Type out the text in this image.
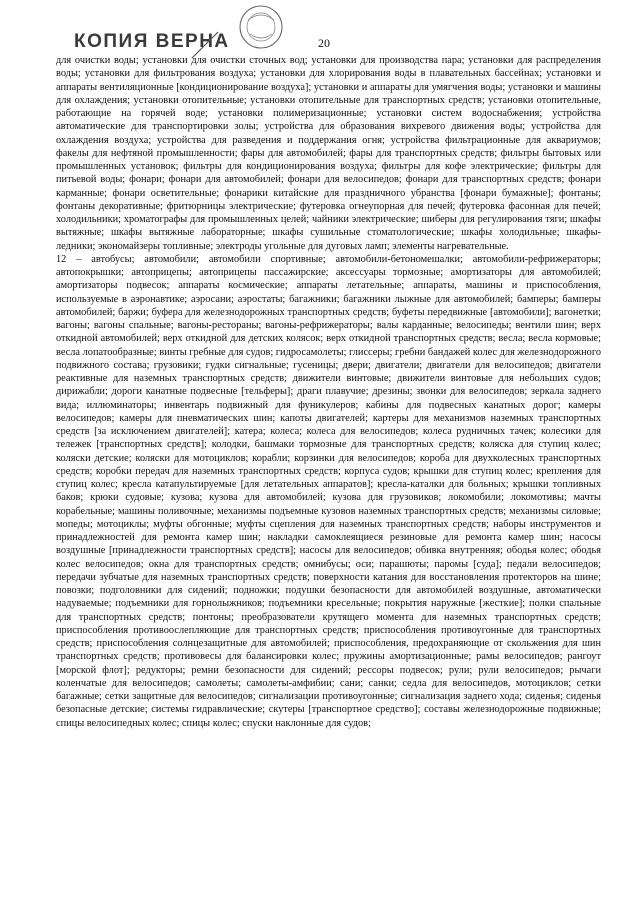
КОПИЯ ВЕРНА	20

для очистки воды; установки для очистки сточных вод; установки для производства пара; установки для распределения воды; установки для фильтрования воздуха; установки для хлорирования воды в плавательных бассейнах; установки и аппараты вентиляционные [кондиционирование воздуха]; установки и аппараты для умягчения воды; установки и машины для охлаждения; установки отопительные; установки отопительные для транспортных средств; установки отопительные, работающие на горячей воде; установки полимеризационные; установки систем водоснабжения; устройства автоматические для транспортировки золы; устройства для образования вихревого движения воды; устройства для охлаждения воздуха; устройства для разведения и поддержания огня; устройства фильтрационные для аквариумов; факелы для нефтяной промышленности; фары для автомобилей; фары для транспортных средств; фильтры бытовых или промышленных установок; фильтры для кондиционирования воздуха; фильтры для кофе электрические; фильтры для питьевой воды; фонари; фонари для автомобилей; фонари для велосипедов; фонари для транспортных средств; фонари карманные; фонари осветительные; фонарики китайские для праздничного убранства [фонари бумажные]; фонтаны; фонтаны декоративные; фритюрницы электрические; футеровка огнеупорная для печей; футеровка фасонная для печей; холодильники; хроматографы для промышленных целей; чайники электрические; шиберы для регулирования тяги; шкафы вытяжные; шкафы вытяжные лабораторные; шкафы сушильные стоматологические; шкафы холодильные; шкафы-ледники; экономайзеры топливные; электроды угольные для дуговых ламп; элементы нагревательные.

12 – автобусы; автомобили; автомобили спортивные; автомобили-бетономешалки; автомобили-рефрижераторы; автопокрышки; автоприцепы; автоприцепы пассажирские; аксессуары тормозные; амортизаторы для автомобилей; амортизаторы подвесок; аппараты космические; аппараты летательные; аппараты, машины и приспособления, используемые в аэронавтике; аэросани; аэростаты; багажники; багажники лыжные для автомобилей; бамперы; бамперы автомобилей; баржи; буфера для железнодорожных транспортных средств; буфеты передвижные [автомобили]; вагонетки; вагоны; вагоны спальные; вагоны-рестораны; вагоны-рефрижераторы; валы карданные; велосипеды; вентили шин; верх откидной автомобилей; верх откидной для детских колясок; верх откидной транспортных средств; весла; весла кормовые; весла лопатообразные; винты гребные для судов; гидросамолеты; глиссеры; гребни бандажей колес для железнодорожного подвижного состава; грузовики; гудки сигнальные; гусеницы; двери; двигатели; двигатели для велосипедов; двигатели реактивные для наземных транспортных средств; движители винтовые; движители винтовые для небольших судов; дирижабли; дороги канатные подвесные [тельферы]; драги плавучие; дрезины; звонки для велосипедов; зеркала заднего вида; иллюминаторы; инвентарь подвижный для фуникулеров; кабины для подвесных канатных дорог; камеры велосипедов; камеры для пневматических шин; капоты двигателей; картеры для механизмов наземных транспортных средств [за исключением двигателей]; катера; колеса; колеса для велосипедов; колеса рудничных тачек; колесики для тележек [транспортных средств]; колодки, башмаки тормозные для транспортных средств; коляска для ступиц колес; коляски детские; коляски для мотоциклов; корабли; корзинки для велосипедов; короба для двухколесных транспортных средств; коробки передач для наземных транспортных средств; корпуса судов; крышки для ступиц колес; крепления для ступиц колес; кресла катапультируемые [для летательных аппаратов]; кресла-каталки для больных; крышки топливных баков; крюки судовые; кузова; кузова для автомобилей; кузова для грузовиков; локомобили; локомотивы; мачты корабельные; машины поливочные; механизмы подъемные кузовов наземных транспортных средств; механизмы силовые; мопеды; мотоциклы; муфты обгонные; муфты сцепления для наземных транспортных средств; наборы инструментов и принадлежностей для ремонта камер шин; накладки самоклеящиеся резиновые для ремонта камер шин; насосы воздушные [принадлежности транспортных средств]; насосы для велосипедов; обивка внутренняя; ободья колес; ободья колес велосипедов; окна для транспортных средств; омнибусы; оси; парашюты; паромы [суда]; педали велосипедов; передачи зубчатые для наземных транспортных средств; поверхности катания для восстановления протекторов на шине; повозки; подголовники для сидений; подножки; подушки безопасности для автомобилей воздушные, автоматически надуваемые; подъемники для горнолыжников; подъемники кресельные; покрытия наружные [жесткие]; полки спальные для транспортных средств; понтоны; преобразователи крутящего момента для наземных транспортных средств; приспособления противоослепляющие для транспортных средств; приспособления противоугонные для транспортных средств; приспособления солнцезащитные для автомобилей; приспособления, предохраняющие от скольжения для шин транспортных средств; противовесы для балансировки колес; пружины амортизационные; рамы велосипедов; рангоут [морской флот]; редукторы; ремни безопасности для сидений; рессоры подвесок; рули; рули велосипедов; рычаги коленчатые для велосипедов; самолеты; самолеты-амфибии; сани; санки; седла для велосипедов, мотоциклов; сетки багажные; сетки защитные для велосипедов; сигнализации противоугонные; сигнализация заднего хода; сиденья; сиденья безопасные детские; системы гидравлические; скутеры [транспортное средство]; составы железнодорожные подвижные; спицы велосипедных колес; спицы колес; спуски наклонные для судов;
